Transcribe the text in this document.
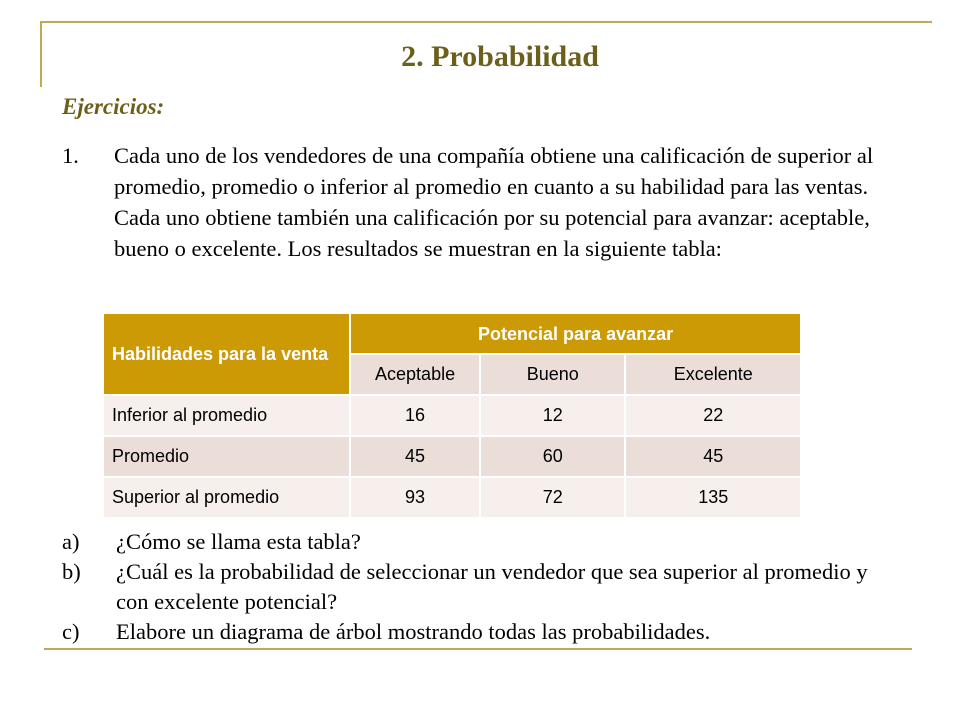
2. Probabilidad
Ejercicios:
1. Cada uno de los vendedores de una compañía obtiene una calificación de superior al promedio, promedio o inferior al promedio en cuanto a su habilidad para las ventas. Cada uno obtiene también una calificación por su potencial para avanzar: aceptable, bueno o excelente. Los resultados se muestran en la siguiente tabla:
Habilidades para la venta	Potencial para avanzar		
	Aceptable	Bueno	Excelente
Inferior al promedio	16	12	22
Promedio	45	60	45
Superior al promedio	93	72	135
a) ¿Cómo se llama esta tabla?
b) ¿Cuál es la probabilidad de seleccionar un vendedor que sea superior al promedio y con excelente potencial?
c) Elabore un diagrama de árbol mostrando todas las probabilidades.
